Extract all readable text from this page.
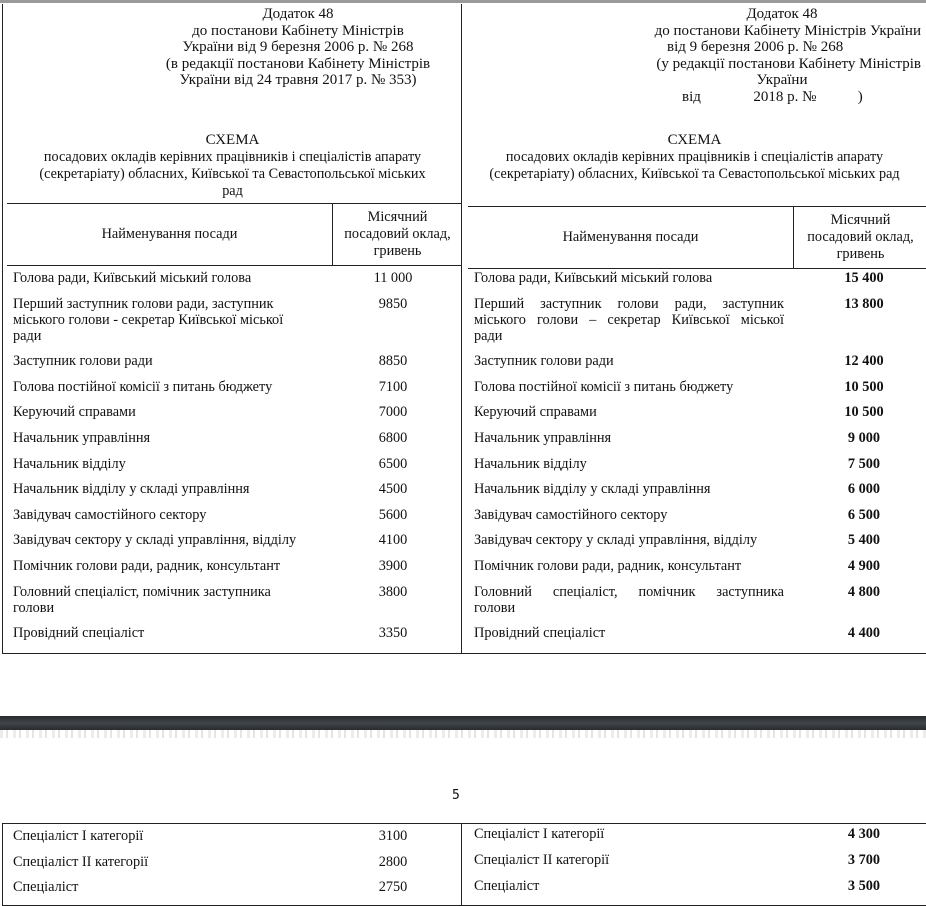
Додаток 48
до постанови Кабінету Міністрів
України від 9 березня 2006 р. № 268
(в редакції постанови Кабінету Міністрів
України від 24 травня 2017 р. № 353)
СХЕМА
посадових окладів керівних працівників і спеціалістів апарату
(секретаріату) обласних, Київської та Севастопольської міських
рад
Найменування посади
Місячний
посадовий оклад,
гривень
Голова ради, Київський міський голова	11 000
Перший заступник голови ради, заступник
міського голови - секретар Київської міської
ради
9850
Заступник голови ради	8850
Голова постійної комісії з питань бюджету	7100
Керуючий справами	7000
Начальник управління	6800
Начальник відділу	6500
Начальник відділу у складі управління	4500
Завідувач самостійного сектору	5600
Завідувач сектору у складі управління, відділу	4100
Помічник голови ради, радник, консультант	3900
Головний спеціаліст, помічник заступника
голови
3800
Провідний спеціаліст	3350
Додаток 48
до постанови Кабінету Міністрів України
від 9 березня 2006 р. № 268
(у редакції постанови Кабінету Міністрів
України
від              2018 р. №           )
СХЕМА
посадових окладів керівних працівників і спеціалістів апарату
(секретаріату) обласних, Київської та Севастопольської міських рад
Найменування посади
Місячний
посадовий оклад,
гривень
Голова ради, Київський міський голова	15 400
Перший заступник голови ради, заступник
міського голови – секретар Київської міської
ради
13 800
Заступник голови ради	12 400
Голова постійної комісії з питань бюджету	10 500
Керуючий справами	10 500
Начальник управління	9 000
Начальник відділу	7 500
Начальник відділу у складі управління	6 000
Завідувач самостійного сектору	6 500
Завідувач сектору у складі управління, відділу	5 400
Помічник голови ради, радник, консультант	4 900
Головний спеціаліст, помічник заступника
голови
4 800
Провідний спеціаліст	4 400
5
Спеціаліст I категорії	3100
Спеціаліст II категорії	2800
Спеціаліст	2750
Спеціаліст I категорії	4 300
Спеціаліст II категорії	3 700
Спеціаліст	3 500
